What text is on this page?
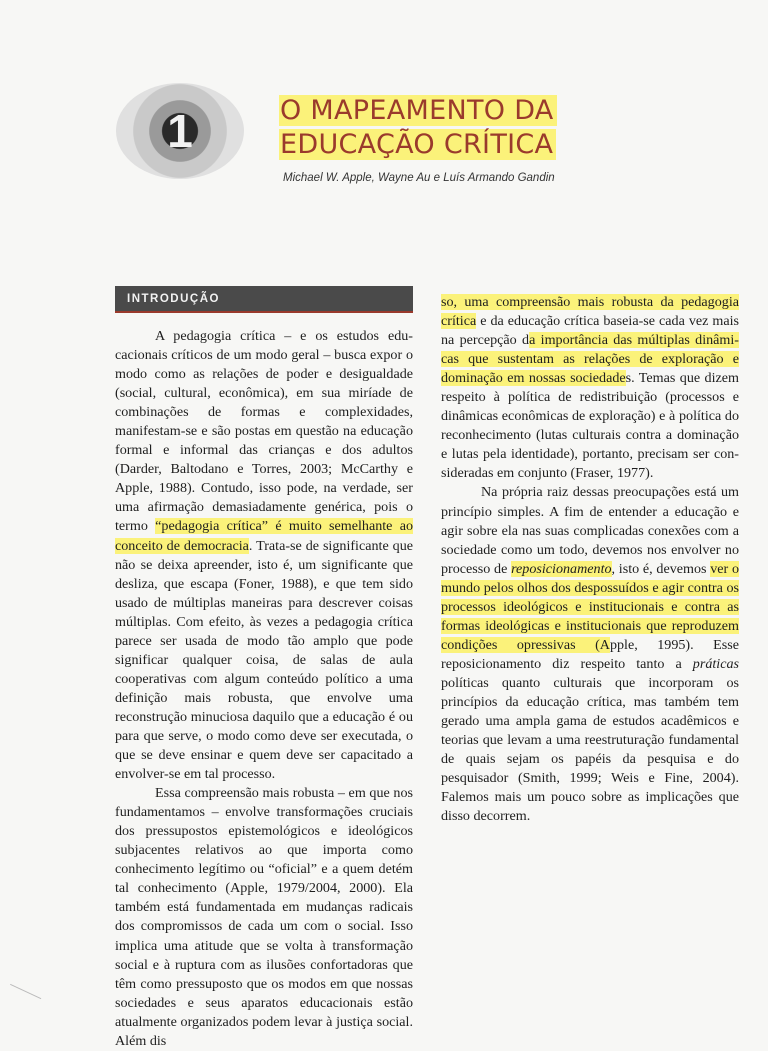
1	O MAPEAMENTO DA
EDUCAÇÃO CRÍTICA
Michael W. Apple, Wayne Au e Luís Armando Gandin
INTRODUÇÃO

A pedagogia crítica – e os estudos educacionais críticos de um modo geral – busca expor o modo como as relações de poder e desigualdade (social, cultural, econômica), em sua miríade de combinações de formas e complexidades, manifestam-se e são postas em questão na educação formal e informal das crianças e dos adultos (Darder, Baltodano e Torres, 2003; McCarthy e Apple, 1988). Contudo, isso pode, na verdade, ser uma afirmação demasiadamente genérica, pois o termo “pedagogia crítica” é muito semelhante ao conceito de democracia. Trata-se de significante que não se deixa apreender, isto é, um significante que desliza, que escapa (Foner, 1988), e que tem sido usado de múltiplas maneiras para descrever coisas múltiplas. Com efeito, às vezes a pedagogia crítica parece ser usada de modo tão amplo que pode significar qualquer coisa, de salas de aula cooperativas com algum conteúdo político a uma definição mais robusta, que envolve uma reconstrução minuciosa daquilo que a educação é ou para que serve, o modo como deve ser executada, o que se deve ensinar e quem deve ser capacitado a envolver-se em tal processo.

Essa compreensão mais robusta – em que nos fundamentamos – envolve transformações cruciais dos pressupostos epistemológicos e ideológicos subjacentes relativos ao que importa como conhecimento legítimo ou “oficial” e a quem detém tal conhecimento (Apple, 1979/2004, 2000). Ela também está fundamentada em mudanças radicais dos compromissos de cada um com o social. Isso implica uma atitude que se volta à transformação social e à ruptura com as ilusões confortadoras que têm como pressuposto que os modos em que nossas sociedades e seus aparatos educacionais estão atualmente organizados podem levar à justiça social. Além dis

so, uma compreensão mais robusta da pedagogia crítica e da educação crítica baseia-se cada vez mais na percepção da importância das múltiplas dinâmicas que sustentam as relações de exploração e dominação em nossas sociedades. Temas que dizem respeito à política de redistribuição (processos e dinâmicas econômicas de exploração) e à política do reconhecimento (lutas culturais contra a dominação e lutas pela identidade), portanto, precisam ser consideradas em conjunto (Fraser, 1977).

Na própria raiz dessas preocupações está um princípio simples. A fim de entender a educação e agir sobre ela nas suas complicadas conexões com a sociedade como um todo, devemos nos envolver no processo de reposicionamento, isto é, devemos ver o mundo pelos olhos dos despossuídos e agir contra os processos ideológicos e institucionais e contra as formas ideológicas e institucionais que reproduzem condições opressivas (Apple, 1995). Esse reposicionamento diz respeito tanto a práticas políticas quanto culturais que incorporam os princípios da educação crítica, mas também tem gerado uma ampla gama de estudos acadêmicos e teorias que levam a uma reestruturação fundamental de quais sejam os papéis da pesquisa e do pesquisador (Smith, 1999; Weis e Fine, 2004). Falemos mais um pouco sobre as implicações que disso decorrem.
